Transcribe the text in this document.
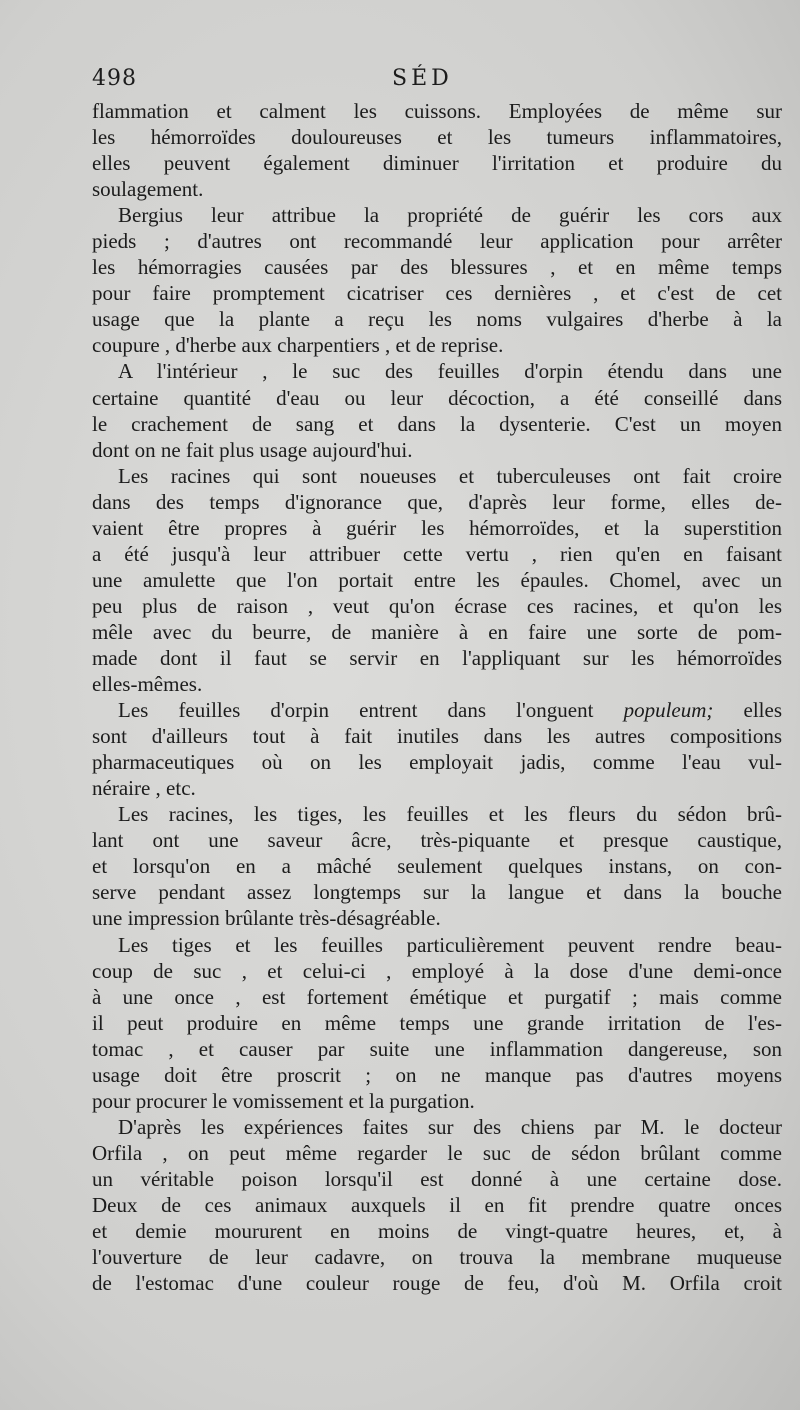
498	SÉD
flammation et calment les cuissons. Employées de même sur
les hémorroïdes douloureuses et les tumeurs inflammatoires,
elles peuvent également diminuer l'irritation et produire du
soulagement.
Bergius leur attribue la propriété de guérir les cors aux
pieds ; d'autres ont recommandé leur application pour arrêter
les hémorragies causées par des blessures , et en même temps
pour faire promptement cicatriser ces dernières , et c'est de cet
usage que la plante a reçu les noms vulgaires d'herbe à la
coupure , d'herbe aux charpentiers , et de reprise.
A l'intérieur , le suc des feuilles d'orpin étendu dans une
certaine quantité d'eau ou leur décoction, a été conseillé dans
le crachement de sang et dans la dysenterie. C'est un moyen
dont on ne fait plus usage aujourd'hui.
Les racines qui sont noueuses et tuberculeuses ont fait croire
dans des temps d'ignorance que, d'après leur forme, elles de-
vaient être propres à guérir les hémorroïdes, et la superstition
a été jusqu'à leur attribuer cette vertu , rien qu'en en faisant
une amulette que l'on portait entre les épaules. Chomel, avec un
peu plus de raison , veut qu'on écrase ces racines, et qu'on les
mêle avec du beurre, de manière à en faire une sorte de pom-
made dont il faut se servir en l'appliquant sur les hémorroïdes
elles-mêmes.
Les feuilles d'orpin entrent dans l'onguent populeum; elles
sont d'ailleurs tout à fait inutiles dans les autres compositions
pharmaceutiques où on les employait jadis, comme l'eau vul-
néraire , etc.
Les racines, les tiges, les feuilles et les fleurs du sédon brû-
lant ont une saveur âcre, très-piquante et presque caustique,
et lorsqu'on en a mâché seulement quelques instans, on con-
serve pendant assez longtemps sur la langue et dans la bouche
une impression brûlante très-désagréable.
Les tiges et les feuilles particulièrement peuvent rendre beau-
coup de suc , et celui-ci , employé à la dose d'une demi-once
à une once , est fortement émétique et purgatif ; mais comme
il peut produire en même temps une grande irritation de l'es-
tomac , et causer par suite une inflammation dangereuse, son
usage doit être proscrit ; on ne manque pas d'autres moyens
pour procurer le vomissement et la purgation.
D'après les expériences faites sur des chiens par M. le docteur
Orfila , on peut même regarder le suc de sédon brûlant comme
un véritable poison lorsqu'il est donné à une certaine dose.
Deux de ces animaux auxquels il en fit prendre quatre onces
et demie moururent en moins de vingt-quatre heures, et, à
l'ouverture de leur cadavre, on trouva la membrane muqueuse
de l'estomac d'une couleur rouge de feu, d'où M. Orfila croit
